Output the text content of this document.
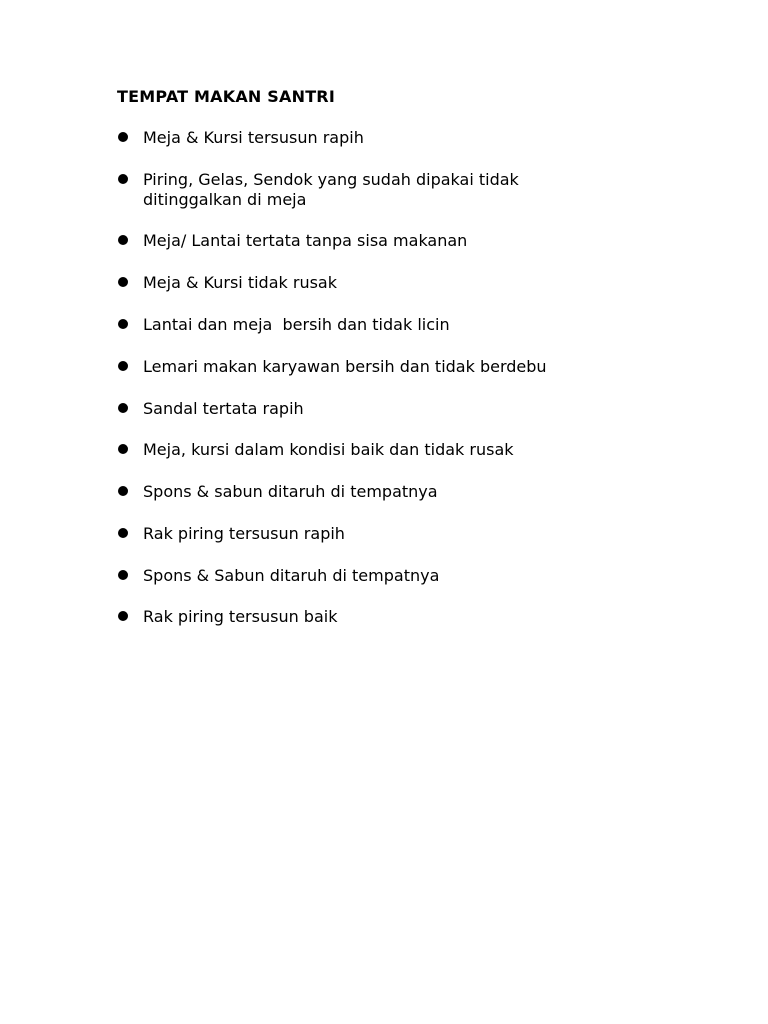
TEMPAT MAKAN SANTRI
Meja & Kursi tersusun rapih
Piring, Gelas, Sendok yang sudah dipakai tidak ditinggalkan di meja
Meja/ Lantai tertata tanpa sisa makanan
Meja & Kursi tidak rusak
Lantai dan meja  bersih dan tidak licin
Lemari makan karyawan bersih dan tidak berdebu
Sandal tertata rapih
Meja, kursi dalam kondisi baik dan tidak rusak
Spons & sabun ditaruh di tempatnya
Rak piring tersusun rapih
Spons & Sabun ditaruh di tempatnya
Rak piring tersusun baik
